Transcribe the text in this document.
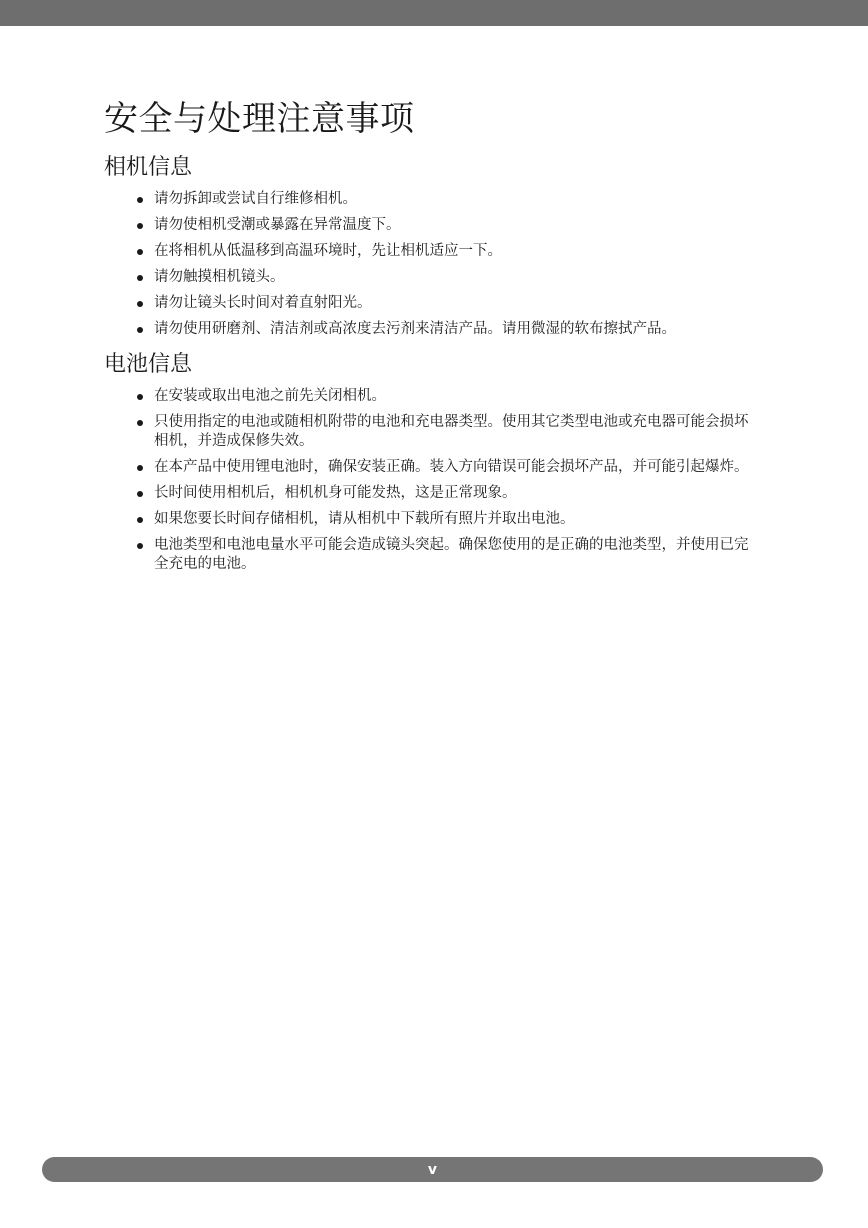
安全与处理注意事项
相机信息
请勿拆卸或尝试自行维修相机。
请勿使相机受潮或暴露在异常温度下。
在将相机从低温移到高温环境时，先让相机适应一下。
请勿触摸相机镜头。
请勿让镜头长时间对着直射阳光。
请勿使用研磨剂、清洁剂或高浓度去污剂来清洁产品。请用微湿的软布擦拭产品。
电池信息
在安装或取出电池之前先关闭相机。
只使用指定的电池或随相机附带的电池和充电器类型。使用其它类型电池或充电器可能会损坏相机，并造成保修失效。
在本产品中使用锂电池时，确保安装正确。装入方向错误可能会损坏产品，并可能引起爆炸。
长时间使用相机后，相机机身可能发热，这是正常现象。
如果您要长时间存储相机，请从相机中下载所有照片并取出电池。
电池类型和电池电量水平可能会造成镜头突起。确保您使用的是正确的电池类型，并使用已完全充电的电池。
v
